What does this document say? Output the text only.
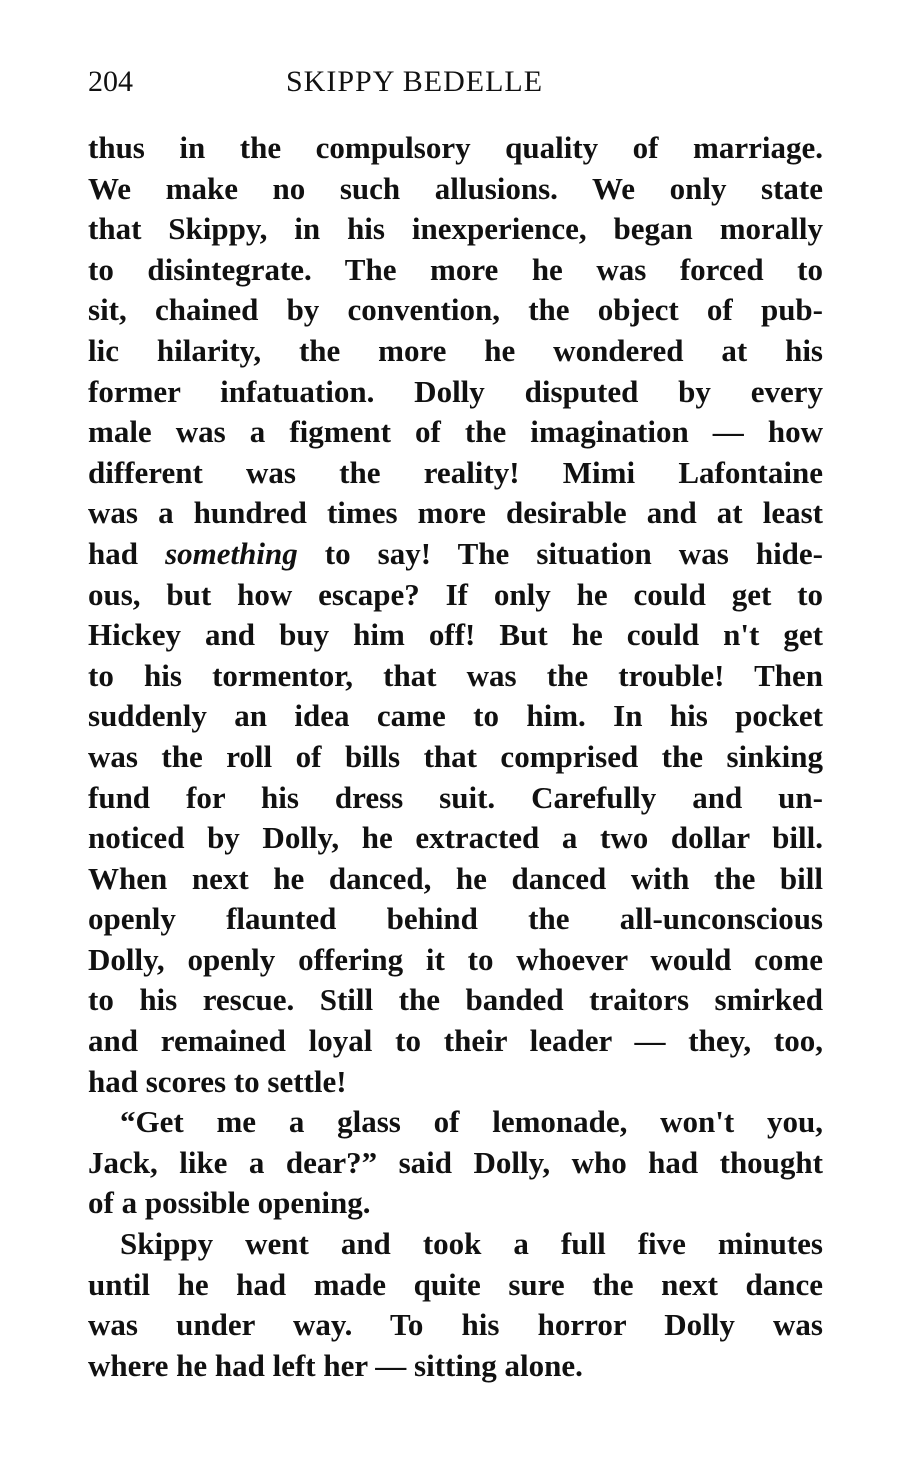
204	SKIPPY BEDELLE
thus in the compulsory quality of marriage.
We make no such allusions. We only state
that Skippy, in his inexperience, began morally
to disintegrate. The more he was forced to
sit, chained by convention, the object of pub-
lic hilarity, the more he wondered at his
former infatuation. Dolly disputed by every
male was a figment of the imagination — how
different was the reality! Mimi Lafontaine
was a hundred times more desirable and at least
had something to say! The situation was hide-
ous, but how escape? If only he could get to
Hickey and buy him off! But he could n't get
to his tormentor, that was the trouble! Then
suddenly an idea came to him. In his pocket
was the roll of bills that comprised the sinking
fund for his dress suit. Carefully and un-
noticed by Dolly, he extracted a two dollar bill.
When next he danced, he danced with the bill
openly flaunted behind the all-unconscious
Dolly, openly offering it to whoever would come
to his rescue. Still the banded traitors smirked
and remained loyal to their leader — they, too,
had scores to settle!
“Get me a glass of lemonade, won't you,
Jack, like a dear?” said Dolly, who had thought
of a possible opening.
Skippy went and took a full five minutes
until he had made quite sure the next dance
was under way. To his horror Dolly was
where he had left her — sitting alone.
